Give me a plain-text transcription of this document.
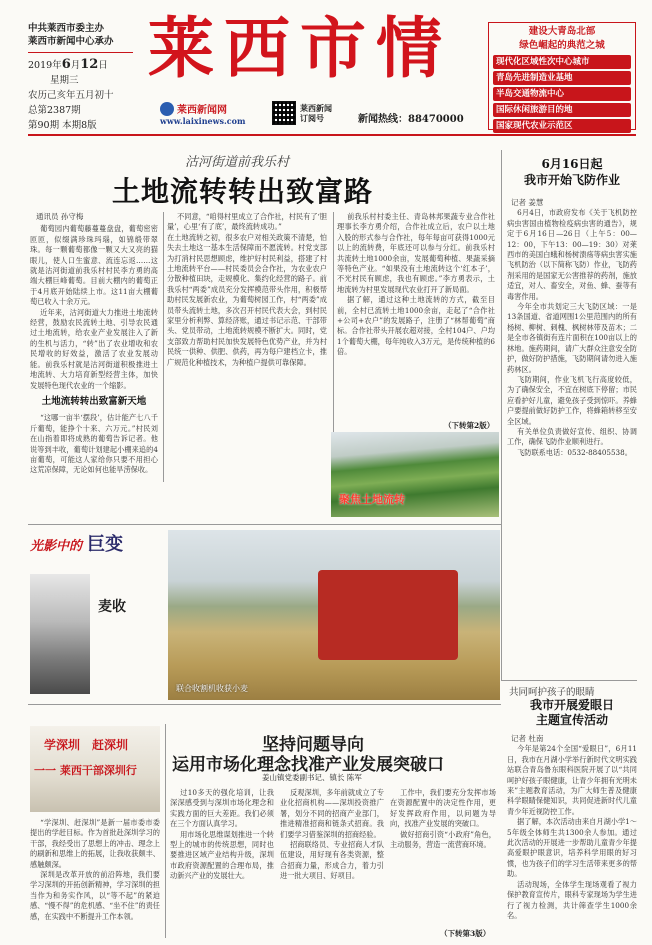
中共莱西市委主办
莱西市新闻中心承办
2019年6月12日
星期三
农历己亥年五月初十
总第2387期
第90期 本期8版
莱西市情
莱西新闻网
www.laixinews.com
莱西新闻
订阅号	新闻热线：88470000
建设大青岛北部
绿色崛起的典范之城
现代化区域性次中心城市
青岛先进制造业基地
半岛交通物流中心
国际休闲旅游目的地
国家现代农业示范区
沽河街道前我乐村
土地流转转出致富路
通讯员 孙守梅

葡萄园内葡萄藤蔓蔓盘盘，葡萄密密匝匝，似缀满珍珠玛瑙，如锦缎带翠珠。每一颗葡萄都像一颗又大又亮的猫眼儿，使人口生蜜意、流连忘返……这就是沽河街道前我乐村村民李方勇的高端大棚巨峰葡萄。目前大棚内的葡萄正于4月底开始陆续上市。这11亩大棚葡萄已收入十余万元。

近年来，沽河街道大力推进土地流转经营，鼓励农民流转土地、引导农民通过土地流转，给农业产业发展注入了新的生机与活力，“转”出了农业增收和农民增收的好效益，激活了农业发展动能。前我乐村就是沽河街道积极推进土地流转、大力培育新型经营主体，加快发展特色现代农业的一个缩影。

土地流转转出致富新天地

“这哪一亩半‘摆段’，估计能产七八千斤葡萄，能挣个十来、六万元。”村民刘在山指着即将成熟的葡萄告诉记者。他说等到丰收，葡萄计划建起小棚来追的4亩葡萄，可能这人家给你只要不用担心这荒凉保障，无论如何也能旱涝保收。

不同意，“咱得村里成立了合作社，村民有了‘胆量’，心里‘有了底’，最终流转成功。”
在土地流转之初，很多农户对相关政策不清楚，怕失去土地这一基本生活保障而不愿流转。村党支部为打消村民思想顾虑，维护好村民利益，搭建了村土地流转平台——村民委员会合作社，为农业农户分散种植田块，走规模化、集约化经营的路子。前我乐村“两委”成员充分发挥模范带头作用，积极帮助村民发展新农业，为葡萄树园工作，村“两委”成员带头流转土地，多次召开村民代表大会，到村民家里分析利弊、算经济账，通过书记示范、干部带头、党员带动，土地流转规模不断扩大。同时，党支部致力帮助村民加快发展特色优势产业，并为村民统一供种、供肥、供药，再为每户建档立卡，推广规范化种植技术，为种植户提供可靠保障。

前我乐村村委主任、青岛林邦果蔬专业合作社理事长李方勇介绍，合作社成立后，农户以土地入股的形式参与合作社，每年每亩可获得1000元以上的流转费，年底还可以参与分红。前我乐村共流转土地1000余亩，发展葡萄种植、果蔬采摘等特色产业。“如果没有土地流转这个‘红本子’，不光村民有顾虑，我也有顾虑。”李方勇表示，土地流转为村里发展现代农业打开了新局面。

据了解，通过这种土地流转的方式，截至目前，全村已流转土地1000余亩，走起了“合作社+公司+农户”的发展路子，注册了“林帮葡萄”商标。合作社带头开展农超对接，全村104户、户均1个葡萄大棚，每年纯收入3万元，是传统种植的6倍。

（下转第2版）
聚焦土地流转
6月16日起
我市开始飞防作业
记者 姜慧

6月4日，市政府发布《关于飞机防控病虫害国由植物检疫病虫害的通告》，规定于6月16日—26日（上午5：00—12：00，下午13：00—19：30）对莱西市的美国白蛾和杨树溃疡等病虫害实施飞机防治（以下简称飞防）作业，飞防药剂采用的是国家无公害推荐的药剂，施放适宜，对人、畜安全，对鱼、蜂、蚕等有毒害作用。

今年全市共划定三大飞防区域：一是13条国道、省道网围1公里范围内的所有杨树、柳树、刺槐、枫树林带及苗木；二是全市各镇街有连片面积在100亩以上的林地。施药期间，请广大群众注意安全防护，做好防护措施，飞防期间请勿进入施药林区。

飞防期间，作业飞机飞行高度较低，为了确保安全，不宜在树底下停留；市民应看护好儿童，避免孩子受到惊吓。养蜂户要提前做好防护工作，将蜂箱转移至安全区域。

有关单位负责做好宣传、组织、协调工作，确保飞防作业顺利进行。

飞防联系电话：0532-88405538。

光影中的 巨变
麦收
联合收割机收获小麦	共同呵护孩子的眼睛
我市开展爱眼日
主题宣传活动
记者 杜南

今年是第24个全国“爱眼日”，6月11日，我市在月湖小学举行新时代文明实践站联合青岛鲁东眼科医院开展了以“共同呵护好孩子眼健康，让青少年拥有光明未来”主题教育活动，为广大师生普及健康科学眼睛保健知识，共同促进新时代儿童青少年近视防控工作。

据了解，本次活动由来自月湖小学1～5年级全体师生共1300余人参加。通过此次活动的开展进一步帮助儿童青少年提高爱眼护眼意识，培养科学用眼的好习惯，也为孩子们的学习生活带来更多的帮助。

活动现场，全体学生现场观看了视力保护教育宣传片，眼科专家现场为学生进行了视力检测，共计筛查学生1000余名。

学深圳　赶深圳
一一 莱西干部深圳行

“学深圳、赶深圳”是新一届市委市委提出的学赶目标。作为首批赴深圳学习的干部，我经受出了思想上的冲击、理念上的刷新和思维上的拓展，让我收获颇丰、感触颇深。

深圳是改革开放的前沿阵地，我们要学习深圳的开拓创新精神，学习深圳的担当作为和务实作风，以“等不起”的紧迫感、“慢不得”的危机感、“坐不住”的责任感，在实践中不断提升工作本领。

坚持问题导向
运用市场化理念找准产业发展突破口
姜山镇党委副书记、镇长 陈军

过10多天的强化培训，让我深深感受到与深圳市场化理念和实践方面的巨大差距。我们必须在三个方面认真学习。

用市场化思维谋划推进一个转型上的城市的传统思想，同时也要推进区域产业结构升级，深圳市政府资源配置的合理布局，推动新兴产业的发展壮大。

反观深圳，多年前就成立了专业化招商机构——深圳投资推广署，划分不同的招商产业部门，推进精准招商和链条式招商。我们要学习借鉴深圳的招商经验。

招商联络员、专业招商人才队伍建设，用好现有各类资源，整合招商力量，形成合力，着力引进一批大项目、好项目。

工作中，我们要充分发挥市场在资源配置中的决定性作用，更好发挥政府作用，以问题为导向，找准产业发展的突破口。

做好招商引资“小政府”角色，主动服务，营造一流营商环境。

（下转第3版）
